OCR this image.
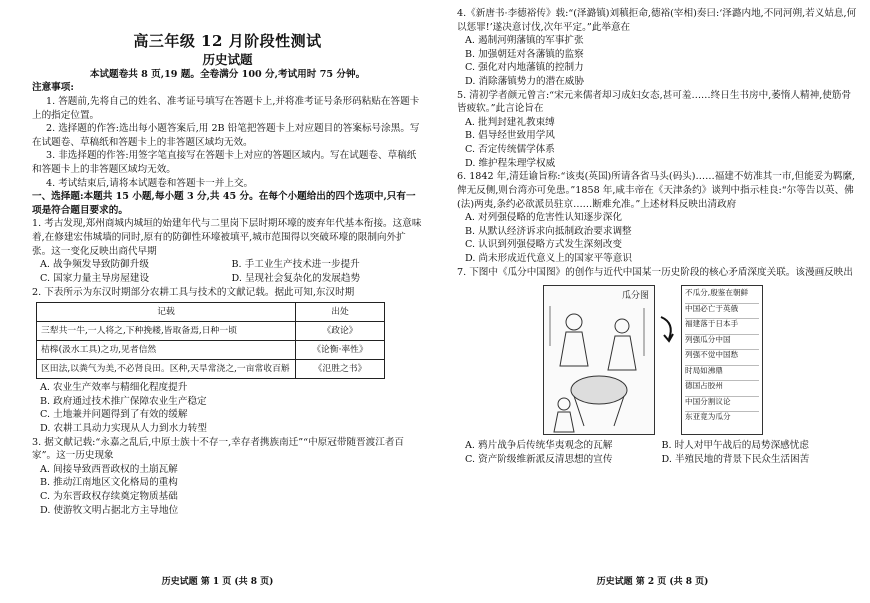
高三年级 12 月阶段性测试
历史试题
本试题卷共 8 页,19 题。全卷满分 100 分,考试用时 75 分钟。
注意事项:

1. 答题前,先将自己的姓名、准考证号填写在答题卡上,并将准考证号条形码粘贴在答题卡上的指定位置。

2. 选择题的作答:选出每小题答案后,用 2B 铅笔把答题卡上对应题目的答案标号涂黑。写在试题卷、草稿纸和答题卡上的非答题区域均无效。

3. 非选择题的作答:用签字笔直接写在答题卡上对应的答题区域内。写在试题卷、草稿纸和答题卡上的非答题区域均无效。

4. 考试结束后,请将本试题卷和答题卡一并上交。

一、选择题:本题共 15 小题,每小题 3 分,共 45 分。在每个小题给出的四个选项中,只有一项是符合题目要求的。

1. 考古发现,郑州商城内城垣的始建年代与二里岗下层时期环壕的废弃年代基本衔接。这意味着,在修建宏伟城墙的同时,原有的防御性环壕被填平,城市范围得以突破环壕的限制向外扩张。这一变化反映出商代早期

A. 战争频发导致防御升级	B. 手工业生产技术进一步提升
C. 国家力量主导房屋建设	D. 呈现社会复杂化的发展趋势

2. 下表所示为东汉时期部分农耕工具与技术的文献记载。据此可知,东汉时期

记载	出处
三犁共一牛,一人将之,下种挽耧,皆取备焉,日种一顷	《政论》
桔槔(汲水工具)之功,见者信然	《论衡·率性》
区田法,以粪气为美,不必肾良田。区种,天旱常浇之,一亩常收百斛	《氾胜之书》
A. 农业生产效率与精细化程度提升
B. 政府通过技术推广保障农业生产稳定
C. 土地兼并问题得到了有效的缓解
D. 农耕工具动力实现从人力到水力转型

3. 据文献记载:“永嘉之乱后,中原士族十不存一,幸存者携族南迁”“中原冠带随晋渡江者百家”。这一历史现象

A. 间接导致西晋政权的土崩瓦解
B. 推动江南地区文化格局的重构
C. 为东晋政权存续奠定物质基础
D. 使游牧文明占据北方主导地位
历史试题 第 1 页 (共 8 页)

4.《新唐书·李德裕传》载:“(泽潞镇)刘稹拒命,德裕(宰相)奏曰:‘泽潞内地,不同河朔,若义姑息,何以惩罪!’遂决意讨伐,次年平定。”此举意在

A. 遏制河朔藩镇的军事扩张
B. 加强朝廷对各藩镇的监察
C. 强化对内地藩镇的控制力
D. 消除藩镇势力的潜在威胁

5. 清初学者颜元曾言:“宋元来儒者却习成妇女态,甚可羞……终日生书房中,萎惰人精神,使筋骨皆疲软。”此言论旨在

A. 批判封建礼教束缚
B. 倡导经世致用学风
C. 否定传统儒学体系
D. 维护程朱理学权威

6. 1842 年,清廷谕旨称:“该夷(英国)所请各省马头(码头)……福建不妨准其一市,但能妥为羁縻,俾无反侧,则台湾亦可免患。”1858 年,咸丰帝在《天津条约》谈判中指示桂良:“尔等告以英、佛(法)两夷,条约必欲派员驻京……断难允准。”上述材料反映出清政府

A. 对列强侵略的危害性认知逐步深化
B. 从默认经济诉求向抵制政治要求调整
C. 认识到列强侵略方式发生深刻改变
D. 尚未形成近代意义上的国家平等意识

7. 下图中《瓜分中国图》的创作与近代中国某一历史阶段的核心矛盾深度关联。该漫画反映出

瓜分图	不瓜分,殷鉴在朝鲜
中国必亡于英俄
福建落于日本手
列强瓜分中国
列强不觉中国愁
时局如沸鼎
德国占胶州
中国分割议论
东亚竟为瓜分
A. 鸦片战争后传统华夷观念的瓦解	B. 时人对甲午战后的局势深感忧虑
C. 资产阶级维新派反清思想的宣传	D. 半殖民地的背景下民众生活困苦
历史试题 第 2 页 (共 8 页)
